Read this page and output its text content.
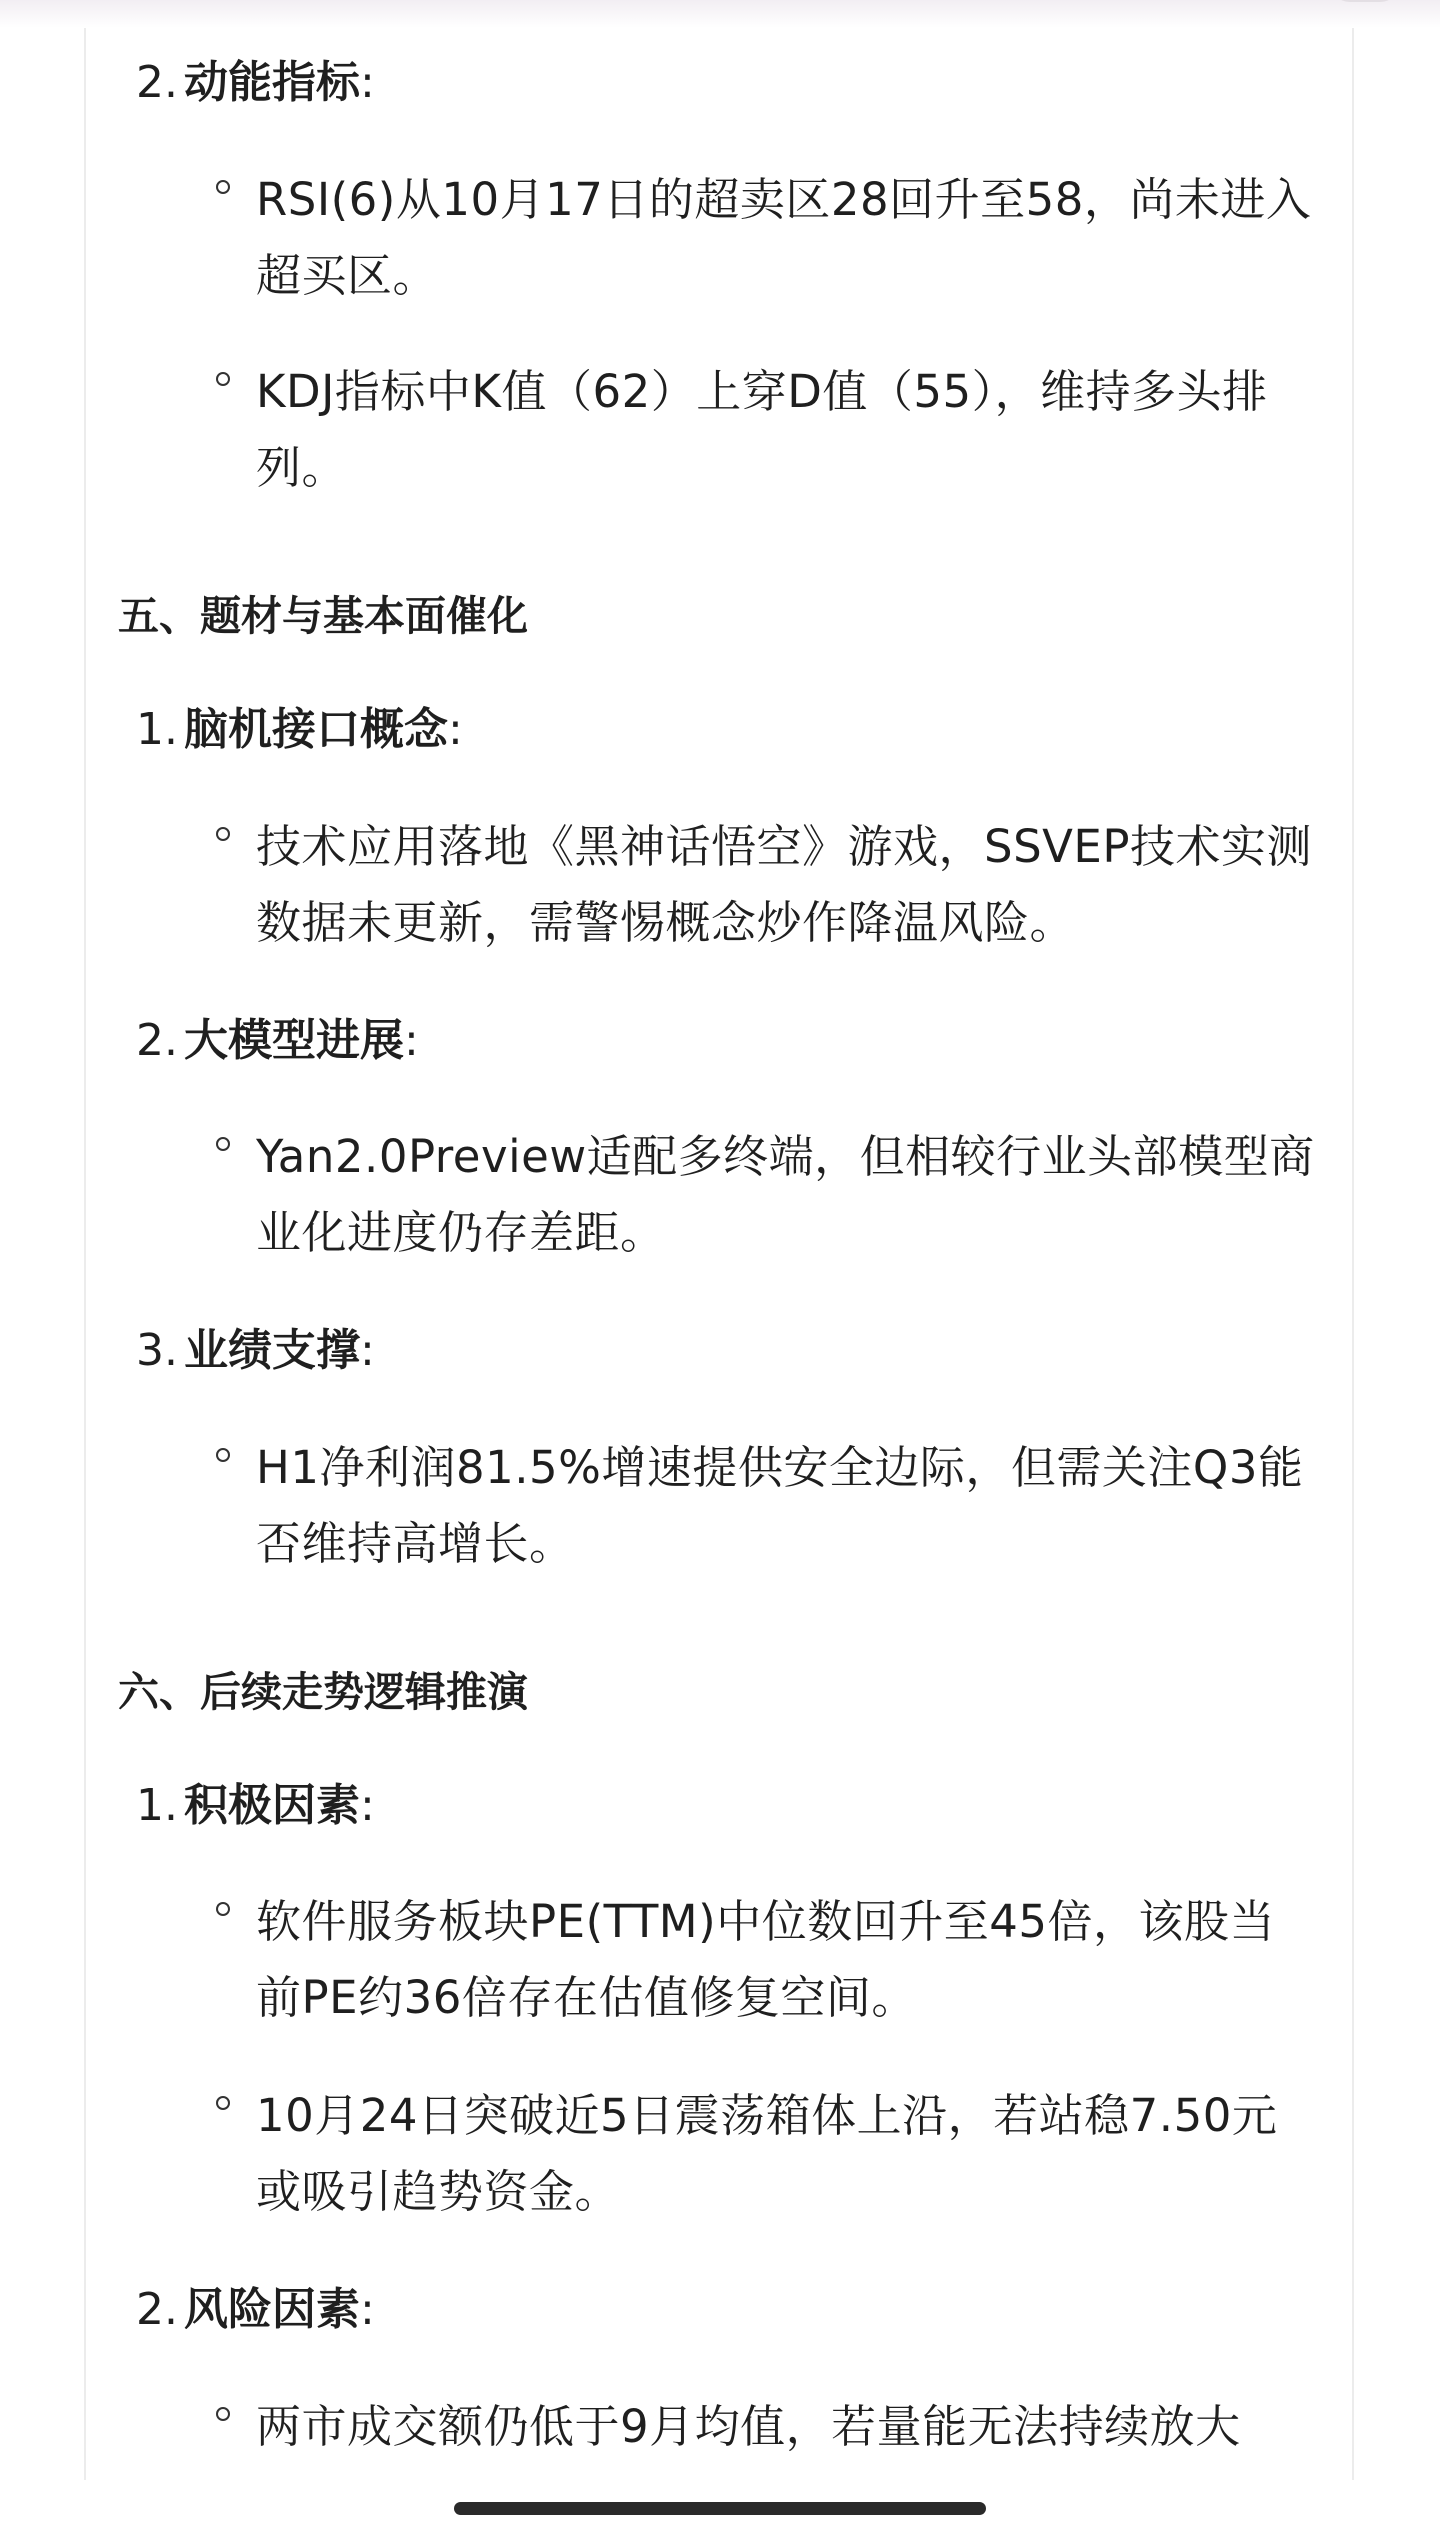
2. 动能指标:
RSI(6)从10月17日的超卖区28回升至58，尚未进入超买区。
KDJ指标中K值（62）上穿D值（55），维持多头排列。
五、题材与基本面催化
1. 脑机接口概念:
技术应用落地《黑神话悟空》游戏，SSVEP技术实测数据未更新，需警惕概念炒作降温风险。
2. 大模型进展:
Yan2.0Preview适配多终端，但相较行业头部模型商业化进度仍存差距。
3. 业绩支撑:
H1净利润81.5%增速提供安全边际，但需关注Q3能否维持高增长。
六、后续走势逻辑推演
1. 积极因素:
软件服务板块PE(TTM)中位数回升至45倍，该股当前PE约36倍存在估值修复空间。
10月24日突破近5日震荡箱体上沿，若站稳7.50元或吸引趋势资金。
2. 风险因素:
两市成交额仍低于9月均值，若量能无法持续放大
